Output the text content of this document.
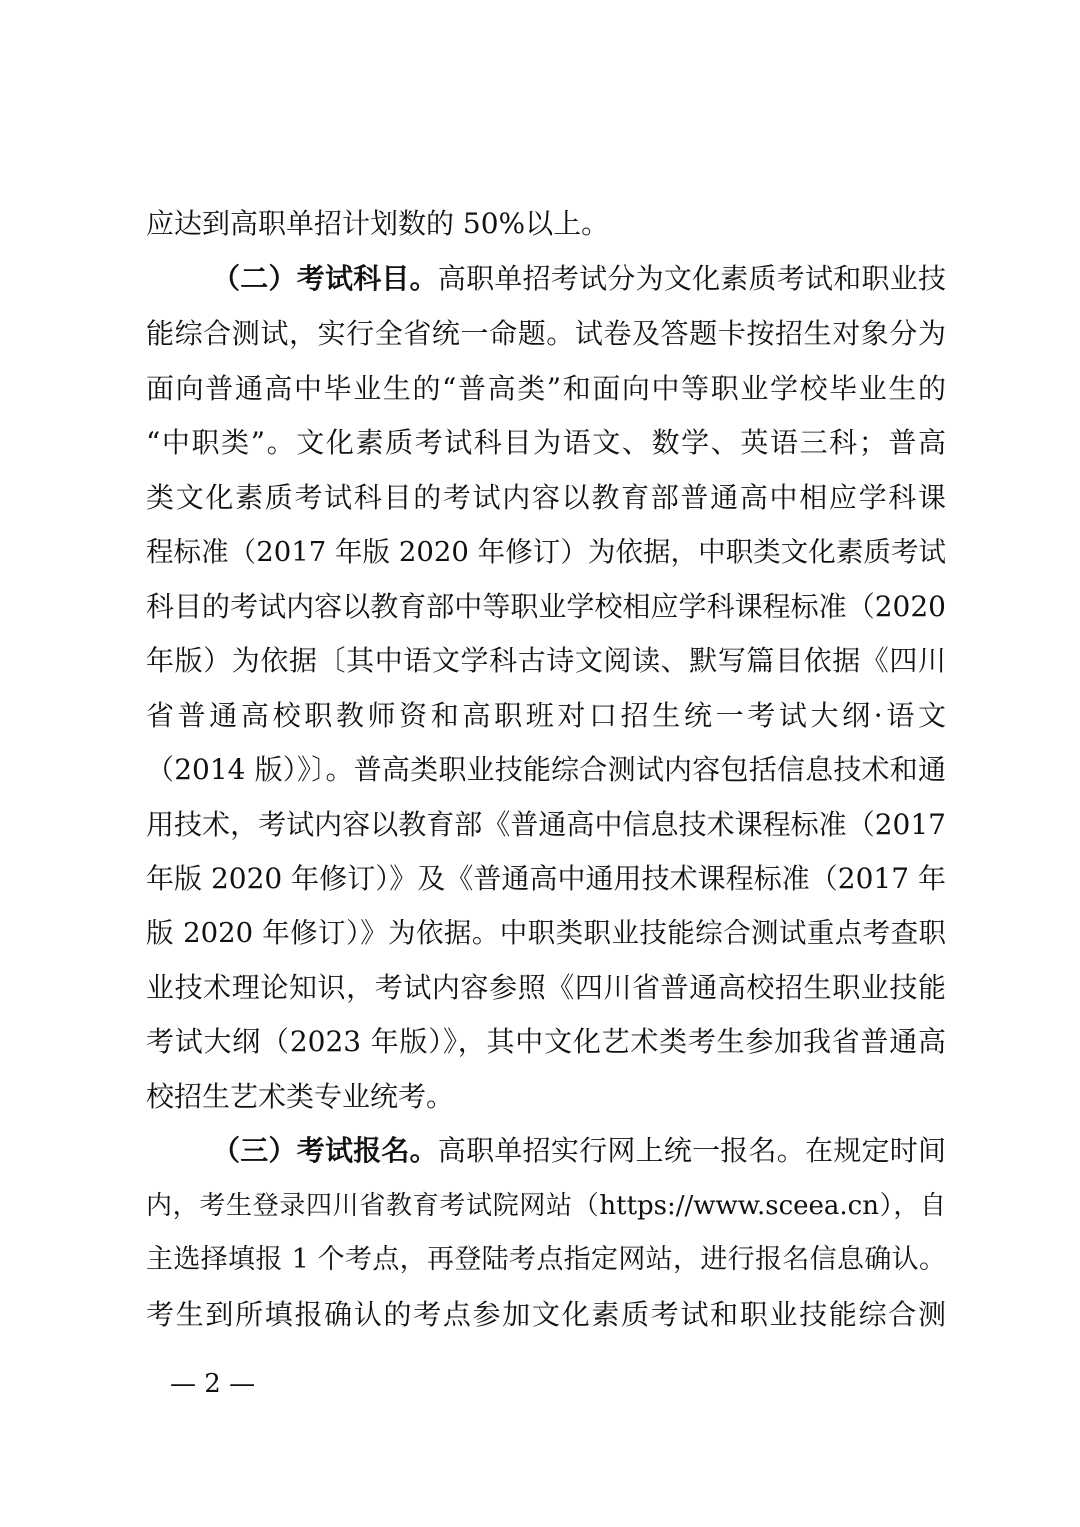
应达到高职单招计划数的 50%以上。
（二）考试科目。高职单招考试分为文化素质考试和职业技
能综合测试，实行全省统一命题。试卷及答题卡按招生对象分为
面向普通高中毕业生的“普高类”和面向中等职业学校毕业生的
“中职类”。文化素质考试科目为语文、数学、英语三科；普高
类文化素质考试科目的考试内容以教育部普通高中相应学科课
程标准（2017 年版 2020 年修订）为依据，中职类文化素质考试
科目的考试内容以教育部中等职业学校相应学科课程标准（2020
年版）为依据〔其中语文学科古诗文阅读、默写篇目依据《四川
省普通高校职教师资和高职班对口招生统一考试大纲·语文
（2014 版）》〕。普高类职业技能综合测试内容包括信息技术和通
用技术，考试内容以教育部《普通高中信息技术课程标准（2017
年版 2020 年修订）》及《普通高中通用技术课程标准（2017 年
版 2020 年修订）》为依据。中职类职业技能综合测试重点考查职
业技术理论知识，考试内容参照《四川省普通高校招生职业技能
考试大纲（2023 年版）》，其中文化艺术类考生参加我省普通高
校招生艺术类专业统考。
（三）考试报名。高职单招实行网上统一报名。在规定时间
内，考生登录四川省教育考试院网站（https://www.sceea.cn），自
主选择填报 1 个考点，再登陆考点指定网站，进行报名信息确认。
考生到所填报确认的考点参加文化素质考试和职业技能综合测
— 2 —
